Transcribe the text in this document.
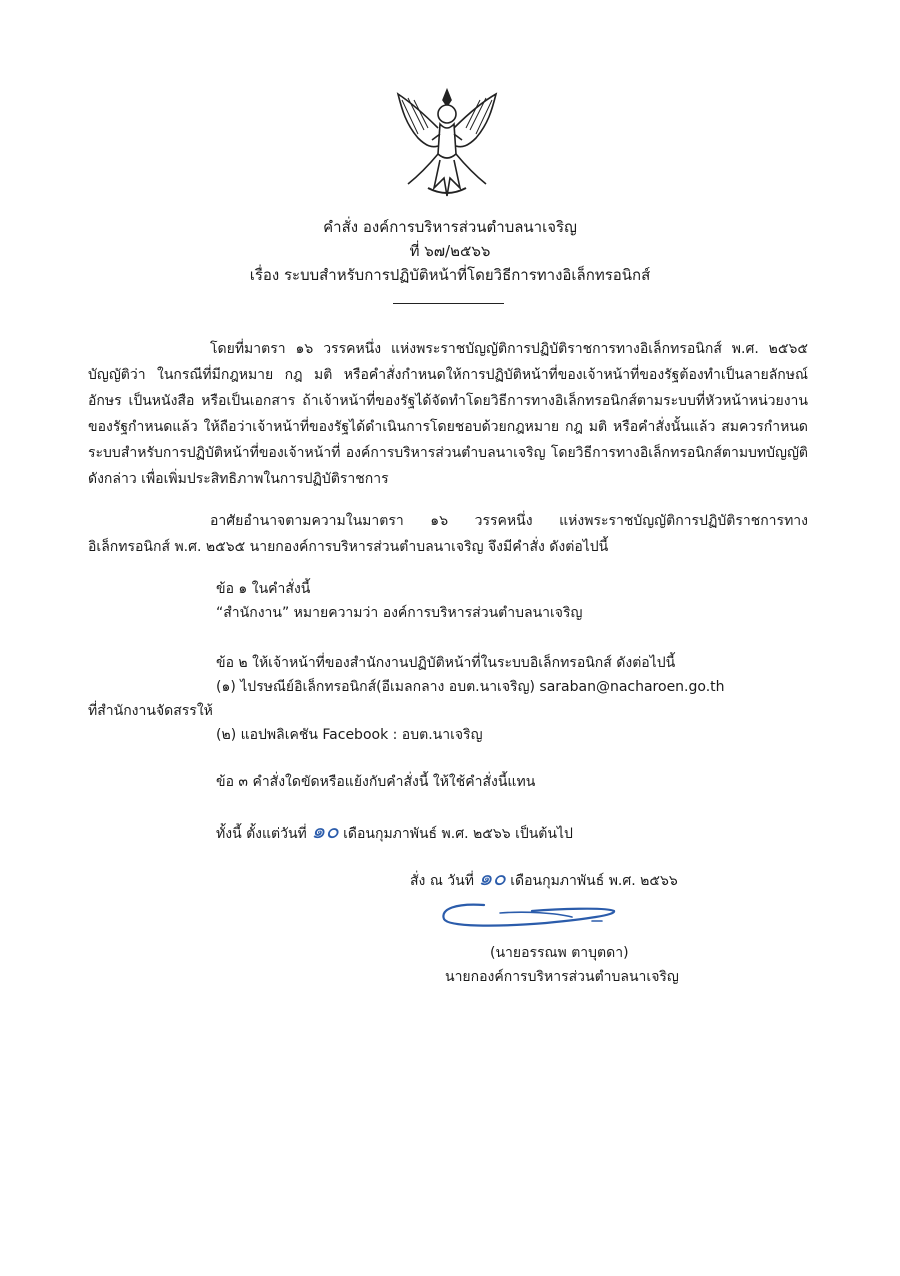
คำสั่ง องค์การบริหารส่วนตำบลนาเจริญ
ที่ ๖๗/๒๕๖๖
เรื่อง ระบบสำหรับการปฏิบัติหน้าที่โดยวิธีการทางอิเล็กทรอนิกส์
โดยที่มาตรา ๑๖ วรรคหนึ่ง แห่งพระราชบัญญัติการปฏิบัติราชการทางอิเล็กทรอนิกส์ พ.ศ. ๒๕๖๕ บัญญัติว่า ในกรณีที่มีกฎหมาย กฎ มติ หรือคำสั่งกำหนดให้การปฏิบัติหน้าที่ของเจ้าหน้าที่ของรัฐต้องทำเป็นลายลักษณ์อักษร เป็นหนังสือ หรือเป็นเอกสาร ถ้าเจ้าหน้าที่ของรัฐได้จัดทำโดยวิธีการทางอิเล็กทรอนิกส์ตามระบบที่หัวหน้าหน่วยงานของรัฐกำหนดแล้ว ให้ถือว่าเจ้าหน้าที่ของรัฐได้ดำเนินการโดยชอบด้วยกฎหมาย กฎ มติ หรือคำสั่งนั้นแล้ว สมควรกำหนดระบบสำหรับการปฏิบัติหน้าที่ของเจ้าหน้าที่ องค์การบริหารส่วนตำบลนาเจริญ โดยวิธีการทางอิเล็กทรอนิกส์ตามบทบัญญัติดังกล่าว เพื่อเพิ่มประสิทธิภาพในการปฏิบัติราชการ
อาศัยอำนาจตามความในมาตรา ๑๖ วรรคหนึ่ง แห่งพระราชบัญญัติการปฏิบัติราชการทางอิเล็กทรอนิกส์ พ.ศ. ๒๕๖๕ นายกองค์การบริหารส่วนตำบลนาเจริญ จึงมีคำสั่ง ดังต่อไปนี้
ข้อ ๑ ในคำสั่งนี้
“สำนักงาน” หมายความว่า องค์การบริหารส่วนตำบลนาเจริญ
ข้อ ๒ ให้เจ้าหน้าที่ของสำนักงานปฏิบัติหน้าที่ในระบบอิเล็กทรอนิกส์ ดังต่อไปนี้
(๑) ไปรษณีย์อิเล็กทรอนิกส์(อีเมลกลาง อบต.นาเจริญ) saraban@nacharoen.go.th
ที่สำนักงานจัดสรรให้
(๒) แอปพลิเคชัน Facebook : อบต.นาเจริญ
ข้อ ๓ คำสั่งใดขัดหรือแย้งกับคำสั่งนี้ ให้ใช้คำสั่งนี้แทน
ทั้งนี้ ตั้งแต่วันที่ ๑๐ เดือนกุมภาพันธ์ พ.ศ. ๒๕๖๖ เป็นต้นไป
สั่ง ณ วันที่ ๑๐ เดือนกุมภาพันธ์ พ.ศ. ๒๕๖๖
(นายอรรณพ ตาบุตดา)
นายกองค์การบริหารส่วนตำบลนาเจริญ
